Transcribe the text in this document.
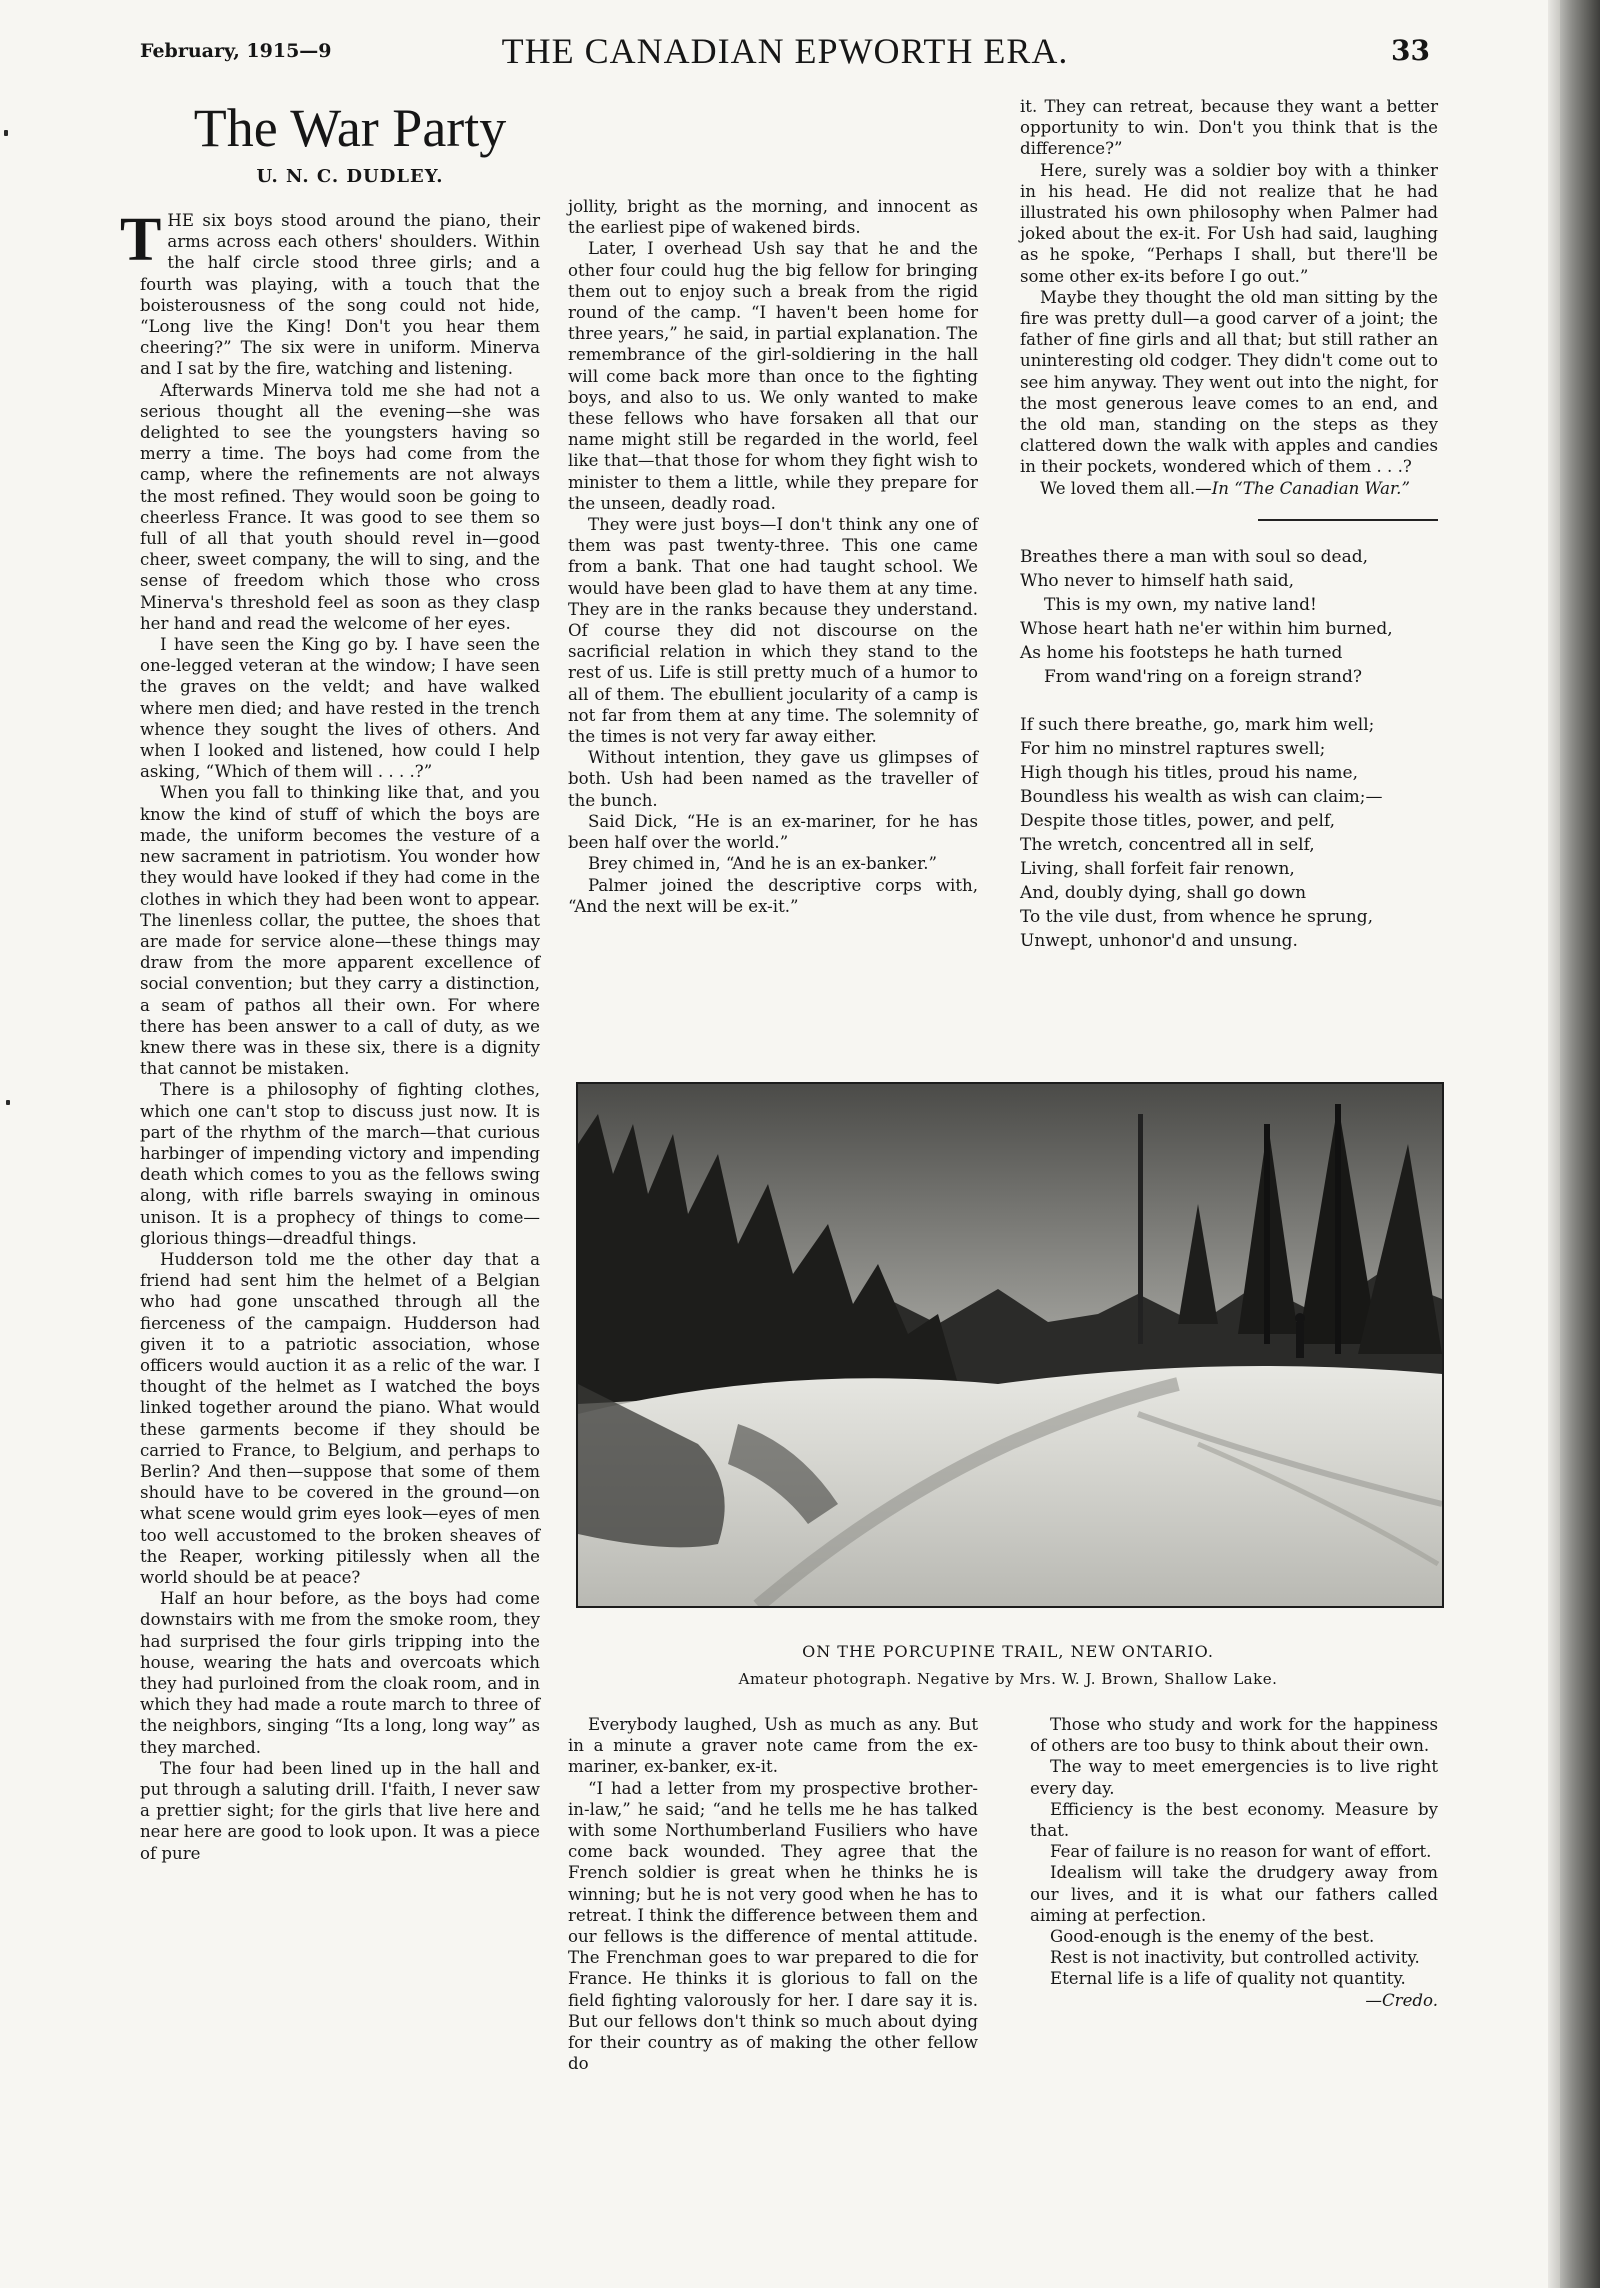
February, 1915—9	THE CANADIAN EPWORTH ERA.	33
The War Party
U. N. C. DUDLEY.

THE six boys stood around the piano, their arms across each others' shoulders. Within the half circle stood three girls; and a fourth was playing, with a touch that the boisterousness of the song could not hide, “Long live the King! Don't you hear them cheering?” The six were in uniform. Minerva and I sat by the fire, watching and listening.

Afterwards Minerva told me she had not a serious thought all the evening—she was delighted to see the youngsters having so merry a time. The boys had come from the camp, where the refinements are not always the most refined. They would soon be going to cheerless France. It was good to see them so full of all that youth should revel in—good cheer, sweet company, the will to sing, and the sense of freedom which those who cross Minerva's threshold feel as soon as they clasp her hand and read the welcome of her eyes.

I have seen the King go by. I have seen the one-legged veteran at the window; I have seen the graves on the veldt; and have walked where men died; and have rested in the trench whence they sought the lives of others. And when I looked and listened, how could I help asking, “Which of them will . . . .?”

When you fall to thinking like that, and you know the kind of stuff of which the boys are made, the uniform becomes the vesture of a new sacrament in patriotism. You wonder how they would have looked if they had come in the clothes in which they had been wont to appear. The linenless collar, the puttee, the shoes that are made for service alone—these things may draw from the more apparent excellence of social convention; but they carry a distinction, a seam of pathos all their own. For where there has been answer to a call of duty, as we knew there was in these six, there is a dignity that cannot be mistaken.

There is a philosophy of fighting clothes, which one can't stop to discuss just now. It is part of the rhythm of the march—that curious harbinger of impending victory and impending death which comes to you as the fellows swing along, with rifle barrels swaying in ominous unison. It is a prophecy of things to come—glorious things—dreadful things.

Hudderson told me the other day that a friend had sent him the helmet of a Belgian who had gone unscathed through all the fierceness of the campaign. Hudderson had given it to a patriotic association, whose officers would auction it as a relic of the war. I thought of the helmet as I watched the boys linked together around the piano. What would these garments become if they should be carried to France, to Belgium, and perhaps to Berlin? And then—suppose that some of them should have to be covered in the ground—on what scene would grim eyes look—eyes of men too well accustomed to the broken sheaves of the Reaper, working pitilessly when all the world should be at peace?

Half an hour before, as the boys had come downstairs with me from the smoke room, they had surprised the four girls tripping into the house, wearing the hats and overcoats which they had purloined from the cloak room, and in which they had made a route march to three of the neighbors, singing “Its a long, long way” as they marched.

The four had been lined up in the hall and put through a saluting drill. I'faith, I never saw a prettier sight; for the girls that live here and near here are good to look upon. It was a piece of pure

jollity, bright as the morning, and innocent as the earliest pipe of wakened birds.

Later, I overhead Ush say that he and the other four could hug the big fellow for bringing them out to enjoy such a break from the rigid round of the camp. “I haven't been home for three years,” he said, in partial explanation. The remembrance of the girl-soldiering in the hall will come back more than once to the fighting boys, and also to us. We only wanted to make these fellows who have forsaken all that our name might still be regarded in the world, feel like that—that those for whom they fight wish to minister to them a little, while they prepare for the unseen, deadly road.

They were just boys—I don't think any one of them was past twenty-three. This one came from a bank. That one had taught school. We would have been glad to have them at any time. They are in the ranks because they understand. Of course they did not discourse on the sacrificial relation in which they stand to the rest of us. Life is still pretty much of a humor to all of them. The ebullient jocularity of a camp is not far from them at any time. The solemnity of the times is not very far away either.

Without intention, they gave us glimpses of both. Ush had been named as the traveller of the bunch.

Said Dick, “He is an ex-mariner, for he has been half over the world.”

Brey chimed in, “And he is an ex-banker.”

Palmer joined the descriptive corps with, “And the next will be ex-it.”

it. They can retreat, because they want a better opportunity to win. Don't you think that is the difference?”

Here, surely was a soldier boy with a thinker in his head. He did not realize that he had illustrated his own philosophy when Palmer had joked about the ex-it. For Ush had said, laughing as he spoke, “Perhaps I shall, but there'll be some other ex-its before I go out.”

Maybe they thought the old man sitting by the fire was pretty dull—a good carver of a joint; the father of fine girls and all that; but still rather an uninteresting old codger. They didn't come out to see him anyway. They went out into the night, for the most generous leave comes to an end, and the old man, standing on the steps as they clattered down the walk with apples and candies in their pockets, wondered which of them . . .?

We loved them all.—In “The Canadian War.”

Breathes there a man with soul so dead,
Who never to himself hath said,
This is my own, my native land!
Whose heart hath ne'er within him burned,
As home his footsteps he hath turned
From wand'ring on a foreign strand?
If such there breathe, go, mark him well;
For him no minstrel raptures swell;
High though his titles, proud his name,
Boundless his wealth as wish can claim;—
Despite those titles, power, and pelf,
The wretch, concentred all in self,
Living, shall forfeit fair renown,
And, doubly dying, shall go down
To the vile dust, from whence he sprung,
Unwept, unhonor'd and unsung.
ON THE PORCUPINE TRAIL, NEW ONTARIO.
Amateur photograph. Negative by Mrs. W. J. Brown, Shallow Lake.

Everybody laughed, Ush as much as any. But in a minute a graver note came from the ex-mariner, ex-banker, ex-it.

“I had a letter from my prospective brother-in-law,” he said; “and he tells me he has talked with some Northumberland Fusiliers who have come back wounded. They agree that the French soldier is great when he thinks he is winning; but he is not very good when he has to retreat. I think the difference between them and our fellows is the difference of mental attitude. The Frenchman goes to war prepared to die for France. He thinks it is glorious to fall on the field fighting valorously for her. I dare say it is. But our fellows don't think so much about dying for their country as of making the other fellow do

Those who study and work for the happiness of others are too busy to think about their own.

The way to meet emergencies is to live right every day.

Efficiency is the best economy. Measure by that.

Fear of failure is no reason for want of effort.

Idealism will take the drudgery away from our lives, and it is what our fathers called aiming at perfection.

Good-enough is the enemy of the best.

Rest is not inactivity, but controlled activity.

Eternal life is a life of quality not quantity.

—Credo.
